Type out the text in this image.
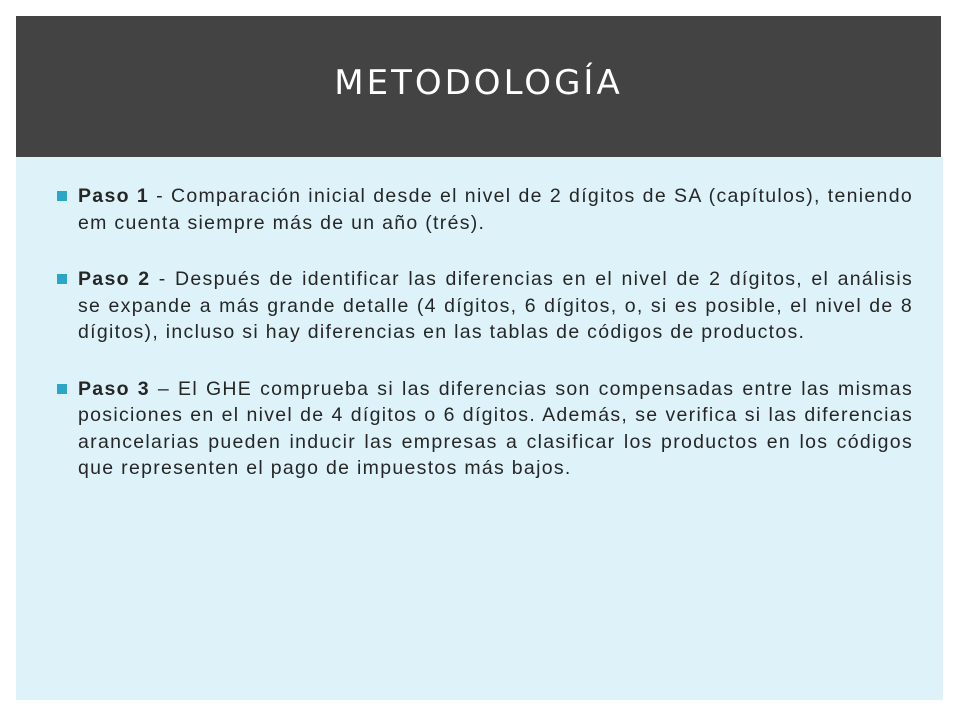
METODOLOGÍA
Paso 1 - Comparación inicial desde el nivel de 2 dígitos de SA (capítulos), teniendo em cuenta siempre más de un año (trés).
Paso 2 - Después de identificar las diferencias en el nivel de 2 dígitos, el análisis se expande a más grande detalle (4 dígitos, 6 dígitos, o, si es posible, el nivel de 8 dígitos), incluso si hay diferencias en las tablas de códigos de productos.
Paso 3 – El GHE comprueba si las diferencias son compensadas entre las mismas posiciones en el nivel de 4 dígitos o 6 dígitos. Además, se verifica si las diferencias arancelarias pueden inducir las empresas a clasificar los productos en los códigos que representen el pago de impuestos más bajos.
